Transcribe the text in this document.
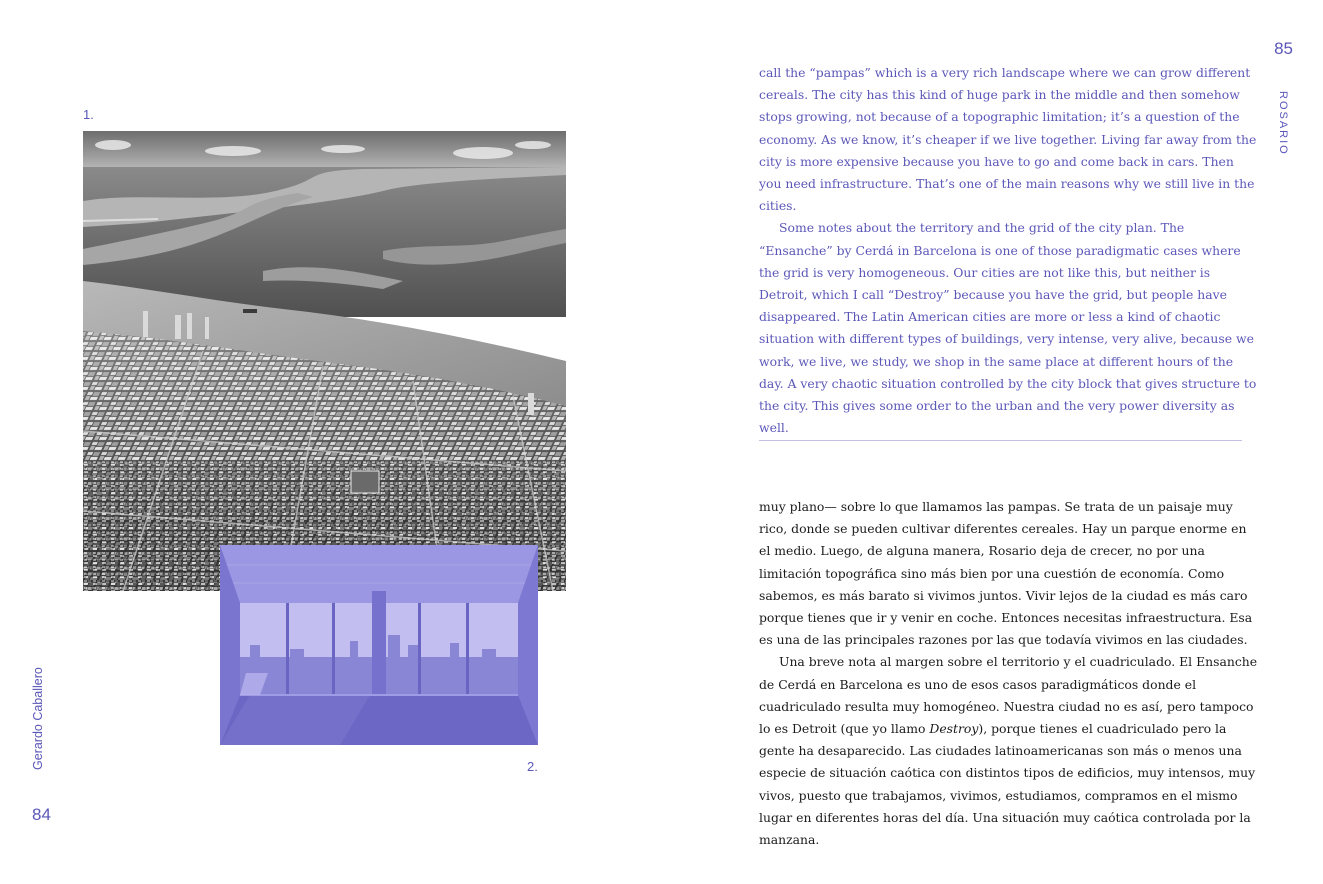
1.
2.
Gerardo Caballero
84
85
ROSARIO

call the “pampas” which is a very rich landscape where we can grow different cereals. The city has this kind of huge park in the middle and then somehow stops growing, not because of a topographic limitation; it’s a question of the economy. As we know, it’s cheaper if we live together. Living far away from the city is more expensive because you have to go and come back in cars. Then you need infrastructure. That’s one of the main reasons why we still live in the cities.

Some notes about the territory and the grid of the city plan. The “Ensanche” by Cerdá in Barcelona is one of those paradigmatic cases where the grid is very homogeneous. Our cities are not like this, but neither is Detroit, which I call “Destroy” because you have the grid, but people have disappeared. The Latin American cities are more or less a kind of chaotic situation with different types of buildings, very intense, very alive, because we work, we live, we study, we shop in the same place at different hours of the day. A very chaotic situation controlled by the city block that gives structure to the city. This gives some order to the urban and the very power diversity as well.

muy plano— sobre lo que llamamos las pampas. Se trata de un paisaje muy rico, donde se pueden cultivar diferentes cereales. Hay un parque enorme en el medio. Luego, de alguna manera, Rosario deja de crecer, no por una limitación topográfica sino más bien por una cuestión de economía. Como sabemos, es más barato si vivimos juntos. Vivir lejos de la ciudad es más caro porque tienes que ir y venir en coche. Entonces necesitas infraestructura. Esa es una de las principales razones por las que todavía vivimos en las ciudades.

Una breve nota al margen sobre el territorio y el cuadriculado. El Ensanche de Cerdá en Barcelona es uno de esos casos paradigmáticos donde el cuadriculado resulta muy homogéneo. Nuestra ciudad no es así, pero tampoco lo es Detroit (que yo llamo Destroy), porque tienes el cuadriculado pero la gente ha desaparecido. Las ciudades latinoamericanas son más o menos una especie de situación caótica con distintos tipos de edificios, muy intensos, muy vivos, puesto que trabajamos, vivimos, estudiamos, compramos en el mismo lugar en diferentes horas del día. Una situación muy caótica controlada por la manzana.
